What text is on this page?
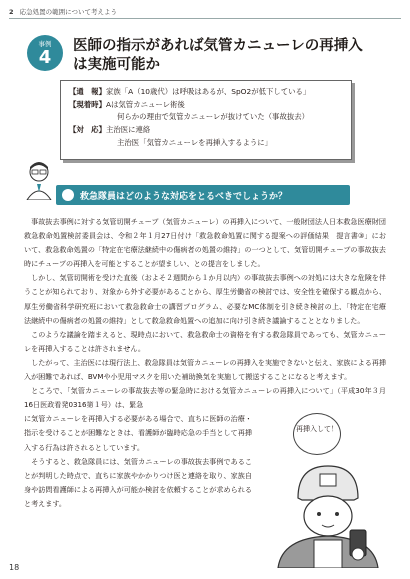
2 応急処置の範囲について考えよう
事例
4
医師の指示があれば気管カニューレの再挿入
は実施可能か
【通　報】家族「A（10歳代）は呼吸はあるが、SpO2が低下している」
【現着時】Aは気管カニューレ術後
何らかの理由で気管カニューレが抜けていた（事故抜去）
【対　応】主治医に連絡
主治医「気管カニューレを再挿入するように」
救急隊員はどのような対応をとるべきでしょうか？

事故抜去事例に対する気管切開チューブ（気管カニューレ）の再挿入について、一般財団法人日本救急医療財団救急救命処置検討委員会は、令和２年１月27日付け「救急救命処置に関する提案への評価結果　提言書③」において、救急救命処置の「特定在宅療法継続中の傷病者の処置の維持」の一つとして、気管切開チューブの事故抜去時にチューブの再挿入を可能とすることが望ましい、との提言をしました。

しかし、気管切開術を受けた直後（およそ２週間から１か月以内）の事故抜去事例への対処には大きな危険を伴うことが知られており、対象から外す必要があることから、厚生労働省の検討では、安全性を確保する観点から、厚生労働省科学研究班において救急救命士の講習プログラム、必要なMC体制を引き続き検討の上、「特定在宅療法継続中の傷病者の処置の維持」として救急救命処置への追加に向け引き続き議論することとなりました。

このような議論を踏まえると、現時点において、救急救命士の資格を有する救急隊員であっても、気管カニューレを再挿入することは許されません。

したがって、主治医には現行法上、救急隊員は気管カニューレの再挿入を実施できないと伝え、家族による再挿入が困難であれば、BVMや小児用マスクを用いた補助換気を実施して搬送することになると考えます。

ところで、「気管カニューレの事故抜去等の緊急時における気管カニューレの再挿入について」（平成30年３月16日医政看発0316第１号）は、緊急

に気管カニューレを再挿入する必要がある場合で、直ちに医師の治療・指示を受けることが困難なときは、看護師が臨時応急の手当として再挿入する行為は許されるとしています。

そうすると、救急隊員には、気管カニューレの事故抜去事例であることが判明した時点で、直ちに家族やかかりつけ医と連絡を取り、家族自身や訪問看護師による再挿入が可能か検討を依頼することが求められると考えます。

再挿入して！
18
